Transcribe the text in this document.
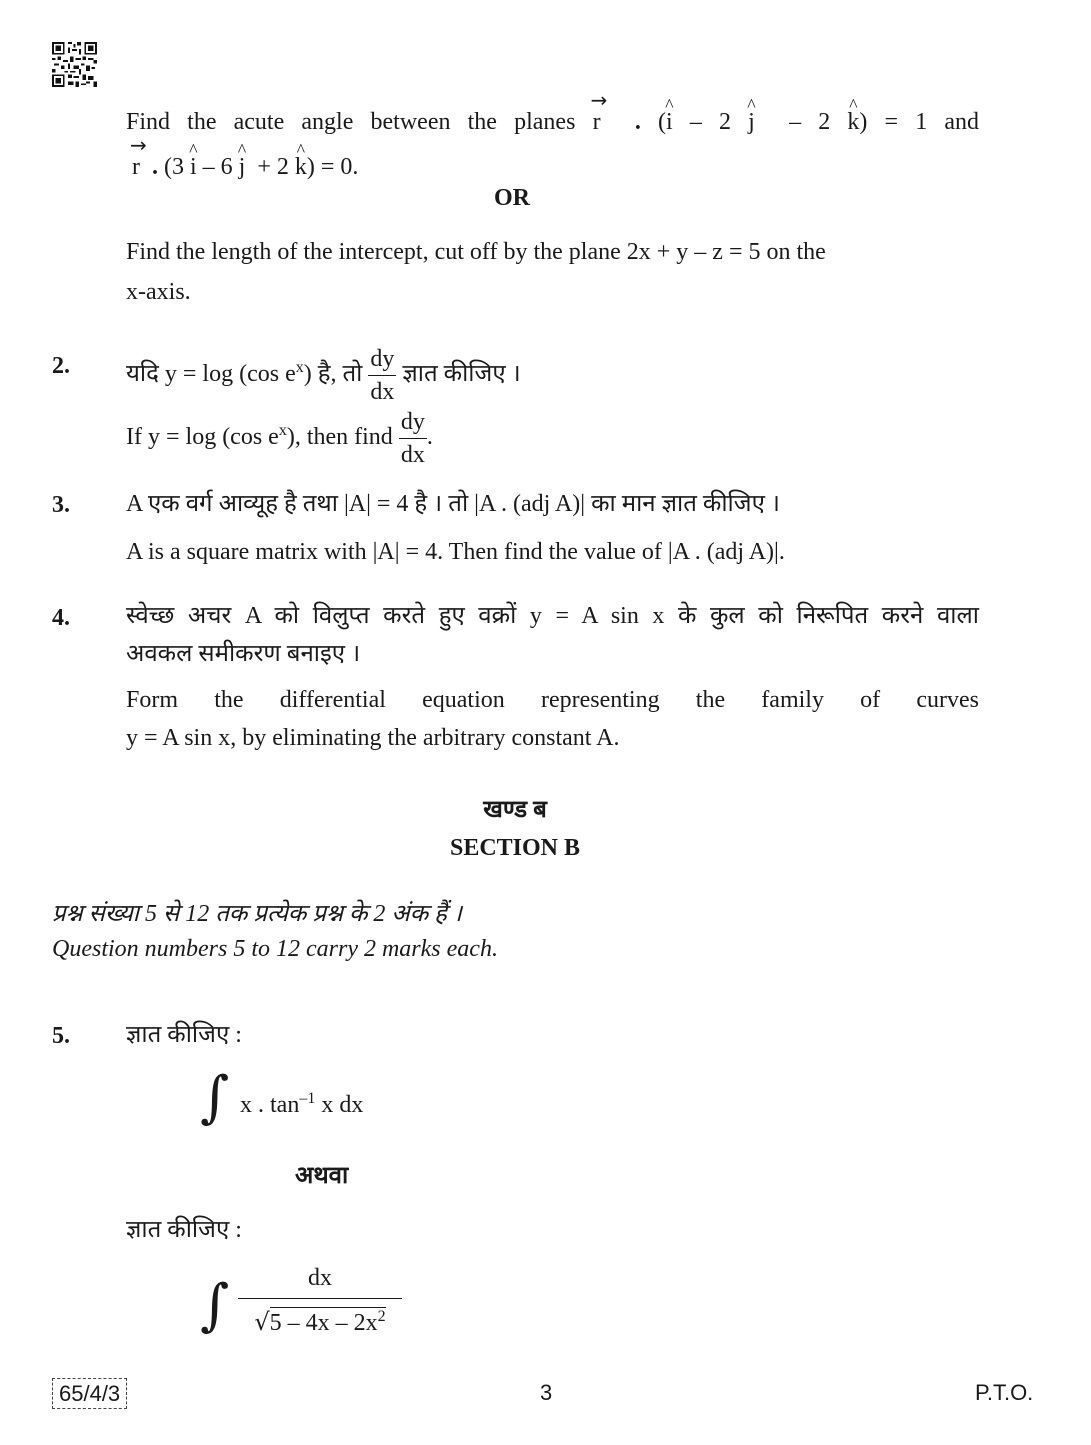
Find the acute angle between the planes → r . (^ i – 2 ^ j  – 2 ^ k) = 1 and
→ r . (3 ^ i – 6 ^ j  + 2 ^ k) = 0.
OR
Find the length of the intercept, cut off by the plane 2x + y – z = 5 on the
x-axis.
2. यदि y = log (cos $e^x$) है, तो $\frac{dy}{dx}$ ज्ञात कीजिए ।
If y = log (cos $e^x$), then find $\frac{dy}{dx}$ .
3. A एक वर्ग आव्यूह है तथा |A| = 4 है । तो |A . (adj A)| का मान ज्ञात कीजिए ।
A is a square matrix with |A| = 4. Then find the value of |A . (adj A)|.
4. स्वेच्छ अचर A को विलुप्त करते हुए वक्रों y = A sin x के कुल को निरूपित करने वाला
अवकल समीकरण बनाइए ।
Form the differential equation representing the family of curves
y = A sin x, by eliminating the arbitrary constant A.
खण्ड ब
SECTION B
प्रश्न संख्या 5 से 12 तक प्रत्येक प्रश्न के 2 अंक हैं ।
Question numbers 5 to 12 carry 2 marks each.
5. ज्ञात कीजिए :
∫ x . $\tan^{-1} x$ dx
अथवा
ज्ञात कीजिए :
∫ $\frac{dx}{√5 - 4x - 2x^2}$
65/4/3	3	P.T.O.
